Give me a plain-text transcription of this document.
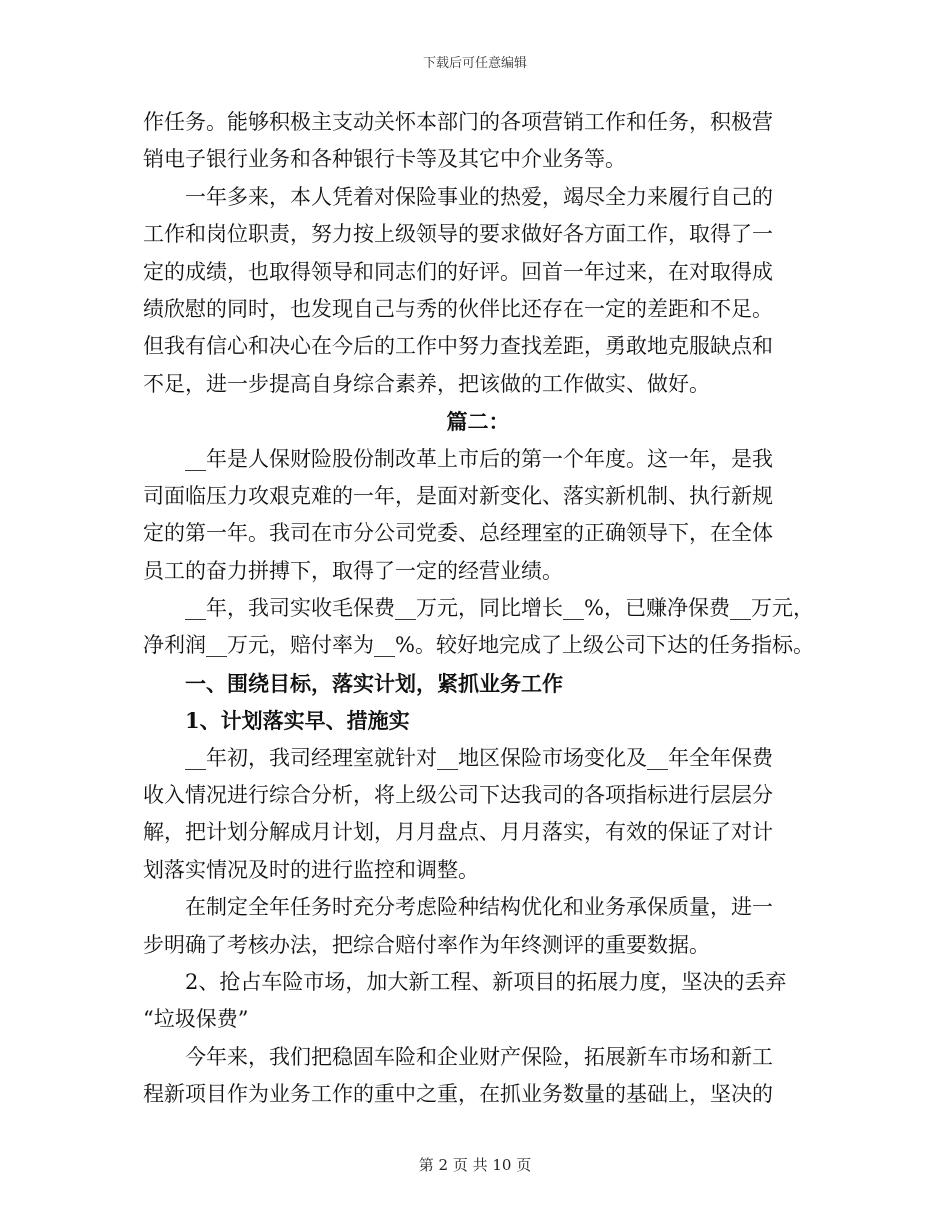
下载后可任意编辑
作任务。能够积极主支动关怀本部门的各项营销工作和任务，积极营
销电子银行业务和各种银行卡等及其它中介业务等。
一年多来，本人凭着对保险事业的热爱，竭尽全力来履行自己的
工作和岗位职责，努力按上级领导的要求做好各方面工作，取得了一
定的成绩，也取得领导和同志们的好评。回首一年过来，在对取得成
绩欣慰的同时，也发现自己与秀的伙伴比还存在一定的差距和不足。
但我有信心和决心在今后的工作中努力查找差距，勇敢地克服缺点和
不足，进一步提高自身综合素养，把该做的工作做实、做好。
篇二：
__年是人保财险股份制改革上市后的第一个年度。这一年，是我
司面临压力攻艰克难的一年，是面对新变化、落实新机制、执行新规
定的第一年。我司在市分公司党委、总经理室的正确领导下，在全体
员工的奋力拼搏下，取得了一定的经营业绩。
__年，我司实收毛保费__万元，同比增长__%，已赚净保费__万元，
净利润__万元，赔付率为__%。较好地完成了上级公司下达的任务指标。
一、围绕目标，落实计划，紧抓业务工作
1、计划落实早、措施实
__年初，我司经理室就针对__地区保险市场变化及__年全年保费
收入情况进行综合分析，将上级公司下达我司的各项指标进行层层分
解，把计划分解成月计划，月月盘点、月月落实，有效的保证了对计
划落实情况及时的进行监控和调整。
在制定全年任务时充分考虑险种结构优化和业务承保质量，进一
步明确了考核办法，把综合赔付率作为年终测评的重要数据。
2、抢占车险市场，加大新工程、新项目的拓展力度，坚决的丢弃
“垃圾保费”
今年来，我们把稳固车险和企业财产保险，拓展新车市场和新工
程新项目作为业务工作的重中之重，在抓业务数量的基础上，坚决的
第 2 页 共 10 页
